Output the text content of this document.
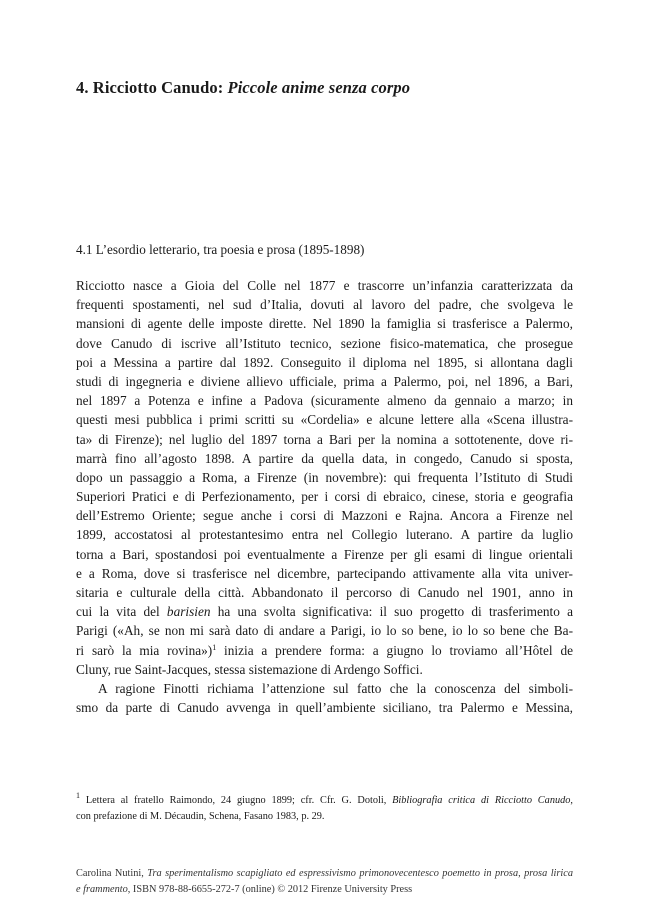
4. Ricciotto Canudo: Piccole anime senza corpo
4.1 L’esordio letterario, tra poesia e prosa (1895-1898)

Ricciotto nasce a Gioia del Colle nel 1877 e trascorre un’infanzia caratterizzata da
frequenti spostamenti, nel sud d’Italia, dovuti al lavoro del padre, che svolgeva le
mansioni di agente delle imposte dirette. Nel 1890 la famiglia si trasferisce a Palermo,
dove Canudo di iscrive all’Istituto tecnico, sezione fisico-matematica, che prosegue
poi a Messina a partire dal 1892. Conseguito il diploma nel 1895, si allontana dagli
studi di ingegneria e diviene allievo ufficiale, prima a Palermo, poi, nel 1896, a Bari,
nel 1897 a Potenza e infine a Padova (sicuramente almeno da gennaio a marzo; in
questi mesi pubblica i primi scritti su «Cordelia» e alcune lettere alla «Scena illustra-
ta» di Firenze); nel luglio del 1897 torna a Bari per la nomina a sottotenente, dove ri-
marrà fino all’agosto 1898. A partire da quella data, in congedo, Canudo si sposta,
dopo un passaggio a Roma, a Firenze (in novembre): qui frequenta l’Istituto di Studi
Superiori Pratici e di Perfezionamento, per i corsi di ebraico, cinese, storia e geografia
dell’Estremo Oriente; segue anche i corsi di Mazzoni e Rajna. Ancora a Firenze nel
1899, accostatosi al protestantesimo entra nel Collegio luterano. A partire da luglio
torna a Bari, spostandosi poi eventualmente a Firenze per gli esami di lingue orientali
e a Roma, dove si trasferisce nel dicembre, partecipando attivamente alla vita univer-
sitaria e culturale della città. Abbandonato il percorso di Canudo nel 1901, anno in
cui la vita del barisien ha una svolta significativa: il suo progetto di trasferimento a
Parigi («Ah, se non mi sarà dato di andare a Parigi, io lo so bene, io lo so bene che Ba-
ri sarò la mia rovina»)$^1$ inizia a prendere forma: a giugno lo troviamo all’Hôtel de
Cluny, rue Saint-Jacques, stessa sistemazione di Ardengo Soffici.

A ragione Finotti richiama l’attenzione sul fatto che la conoscenza del simboli-
smo da parte di Canudo avvenga in quell’ambiente siciliano, tra Palermo e Messina,

$^1$ Lettera al fratello Raimondo, 24 giugno 1899; cfr. Cfr. G. Dotoli, Bibliografia critica di Ricciotto Canudo,
con prefazione di M. Décaudin, Schena, Fasano 1983, p. 29.
Carolina Nutini, Tra sperimentalismo scapigliato ed espressivismo primonovecentesco poemetto in prosa, prosa lirica
e frammento, ISBN 978-88-6655-272-7 (online) © 2012 Firenze University Press
